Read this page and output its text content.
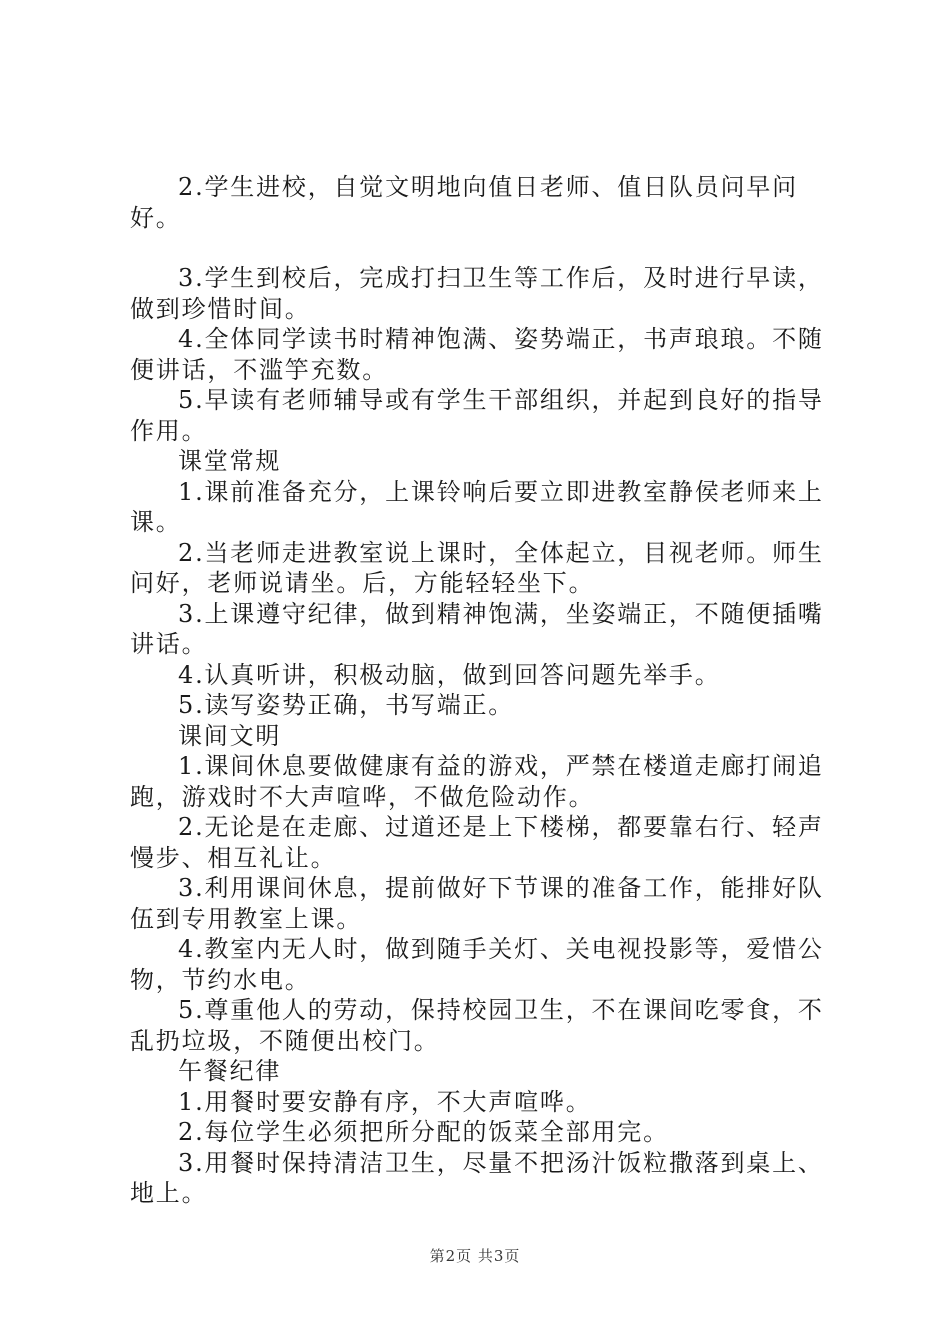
2.学生进校，自觉文明地向值日老师、值日队员问早问好。

3.学生到校后，完成打扫卫生等工作后，及时进行早读，做到珍惜时间。

4.全体同学读书时精神饱满、姿势端正，书声琅琅。不随便讲话，不滥竽充数。

5.早读有老师辅导或有学生干部组织，并起到良好的指导作用。

课堂常规

1.课前准备充分，上课铃响后要立即进教室静侯老师来上课。

2.当老师走进教室说上课时，全体起立，目视老师。师生问好，老师说请坐。后，方能轻轻坐下。

3.上课遵守纪律，做到精神饱满，坐姿端正，不随便插嘴讲话。

4.认真听讲，积极动脑，做到回答问题先举手。

5.读写姿势正确，书写端正。

课间文明

1.课间休息要做健康有益的游戏，严禁在楼道走廊打闹追跑，游戏时不大声喧哗，不做危险动作。

2.无论是在走廊、过道还是上下楼梯，都要靠右行、轻声慢步、相互礼让。

3.利用课间休息，提前做好下节课的准备工作，能排好队伍到专用教室上课。

4.教室内无人时，做到随手关灯、关电视投影等，爱惜公物，节约水电。

5.尊重他人的劳动，保持校园卫生，不在课间吃零食，不乱扔垃圾，不随便出校门。

午餐纪律

1.用餐时要安静有序，不大声喧哗。

2.每位学生必须把所分配的饭菜全部用完。

3.用餐时保持清洁卫生，尽量不把汤汁饭粒撒落到桌上、地上。

第2页 共3页
